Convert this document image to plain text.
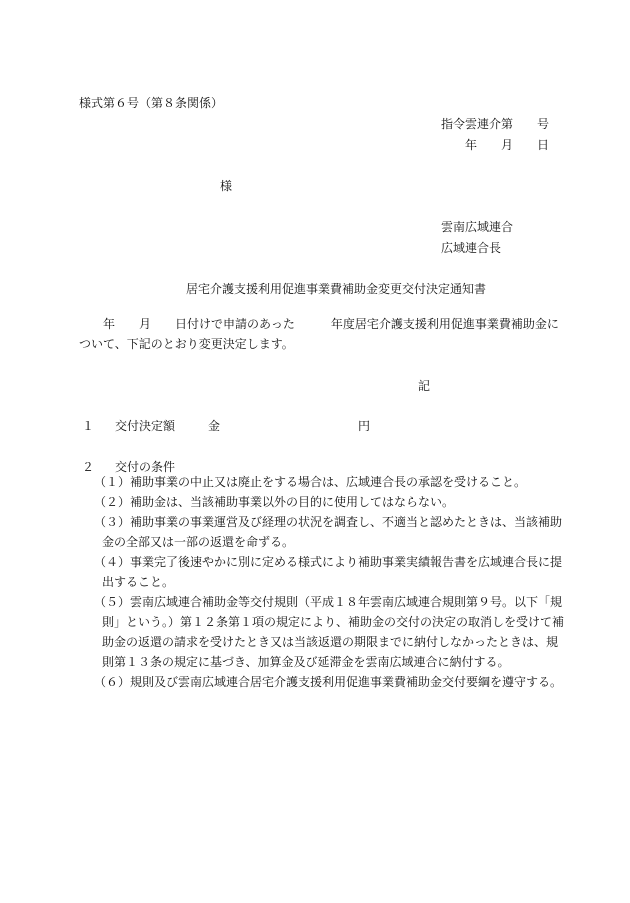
様式第６号（第８条関係）
指令雲連介第　　号
年　　月　　日
様
雲南広域連合
広域連合長
居宅介護支援利用促進事業費補助金変更交付決定通知書
年　　月　　日付けで申請のあった　　　年度居宅介護支援利用促進事業費補助金に
ついて、下記のとおり変更決定します。
記
１ 交付決定額	金	円
２ 交付の条件
（１）補助事業の中止又は廃止をする場合は、広域連合長の承認を受けること。
（２）補助金は、当該補助事業以外の目的に使用してはならない。
（３）補助事業の事業運営及び経理の状況を調査し、不適当と認めたときは、当該補助
金の全部又は一部の返還を命ずる。
（４）事業完了後速やかに別に定める様式により補助事業実績報告書を広域連合長に提
出すること。
（５）雲南広域連合補助金等交付規則（平成１８年雲南広域連合規則第９号。以下「規
則」という。）第１２条第１項の規定により、補助金の交付の決定の取消しを受けて補
助金の返還の請求を受けたとき又は当該返還の期限までに納付しなかったときは、規
則第１３条の規定に基づき、加算金及び延滞金を雲南広域連合に納付する。
（６）規則及び雲南広域連合居宅介護支援利用促進事業費補助金交付要綱を遵守する。
